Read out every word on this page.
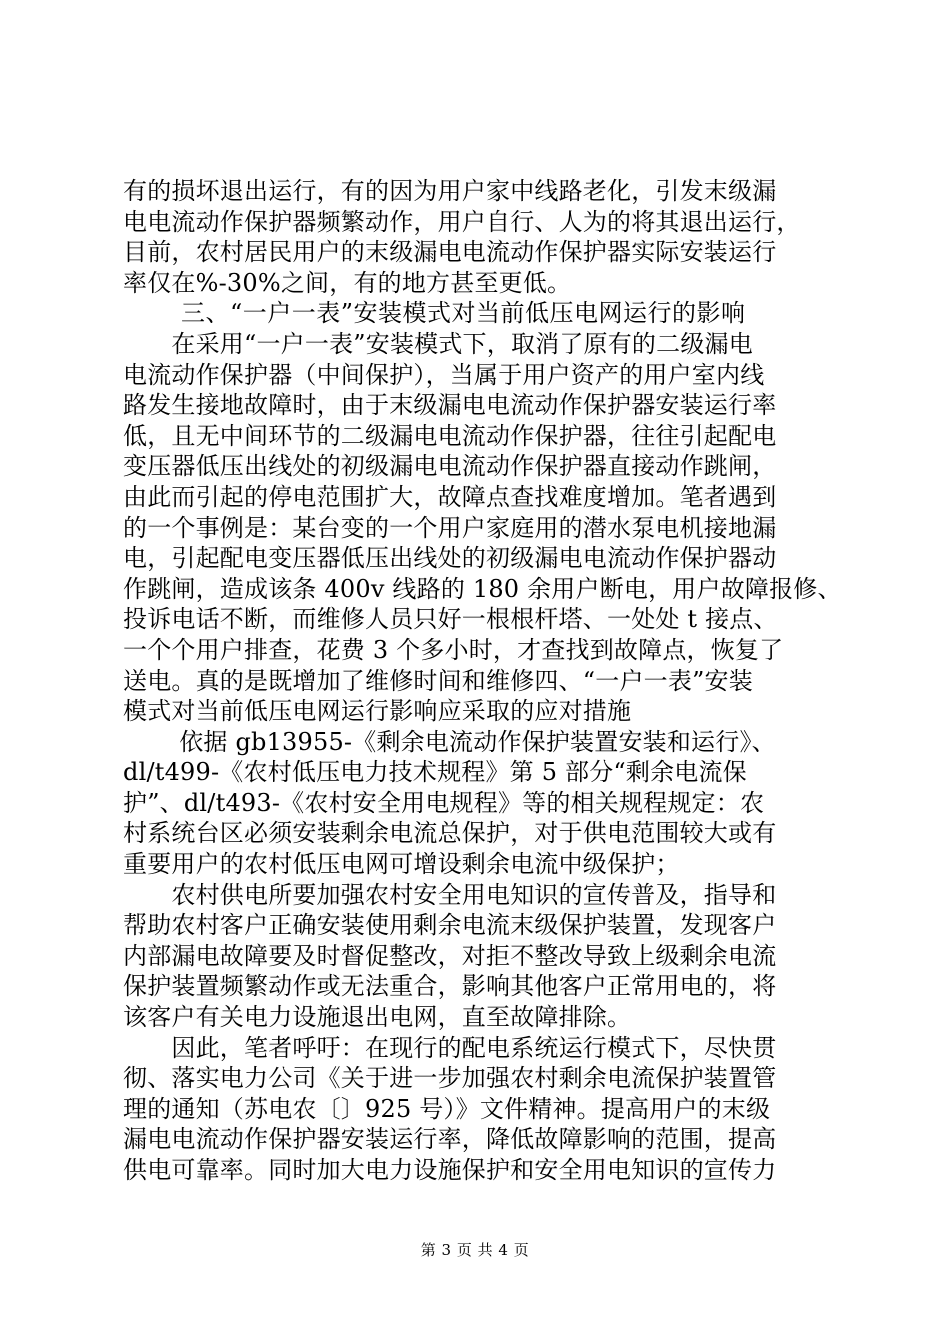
有的损坏退出运行，有的因为用户家中线路老化，引发末级漏
电电流动作保护器频繁动作，用户自行、人为的将其退出运行，
目前，农村居民用户的末级漏电电流动作保护器实际安装运行
率仅在%-30%之间，有的地方甚至更低。
三、“一户一表”安装模式对当前低压电网运行的影响
　　在采用“一户一表”安装模式下，取消了原有的二级漏电
电流动作保护器（中间保护），当属于用户资产的用户室内线
路发生接地故障时，由于末级漏电电流动作保护器安装运行率
低，且无中间环节的二级漏电电流动作保护器，往往引起配电
变压器低压出线处的初级漏电电流动作保护器直接动作跳闸，
由此而引起的停电范围扩大，故障点查找难度增加。笔者遇到
的一个事例是：某台变的一个用户家庭用的潜水泵电机接地漏
电，引起配电变压器低压出线处的初级漏电电流动作保护器动
作跳闸，造成该条 400v 线路的 180 余用户断电，用户故障报修、
投诉电话不断，而维修人员只好一根根杆塔、一处处 t 接点、
一个个用户排查，花费 3 个多小时，才查找到故障点，恢复了
送电。真的是既增加了维修时间和维修四、“一户一表”安装
模式对当前低压电网运行影响应采取的应对措施
　　 依据 gb13955-《剩余电流动作保护装置安装和运行》、
dl/t499-《农村低压电力技术规程》第 5 部分“剩余电流保
护”、dl/t493-《农村安全用电规程》等的相关规程规定：农
村系统台区必须安装剩余电流总保护，对于供电范围较大或有
重要用户的农村低压电网可增设剩余电流中级保护；
　　农村供电所要加强农村安全用电知识的宣传普及，指导和
帮助农村客户正确安装使用剩余电流末级保护装置，发现客户
内部漏电故障要及时督促整改，对拒不整改导致上级剩余电流
保护装置频繁动作或无法重合，影响其他客户正常用电的，将
该客户有关电力设施退出电网，直至故障排除。
　　因此，笔者呼吁：在现行的配电系统运行模式下，尽快贯
彻、落实电力公司《关于进一步加强农村剩余电流保护装置管
理的通知（苏电农〔〕925 号）》文件精神。提高用户的末级
漏电电流动作保护器安装运行率，降低故障影响的范围，提高
供电可靠率。同时加大电力设施保护和安全用电知识的宣传力
第 3 页 共 4 页
